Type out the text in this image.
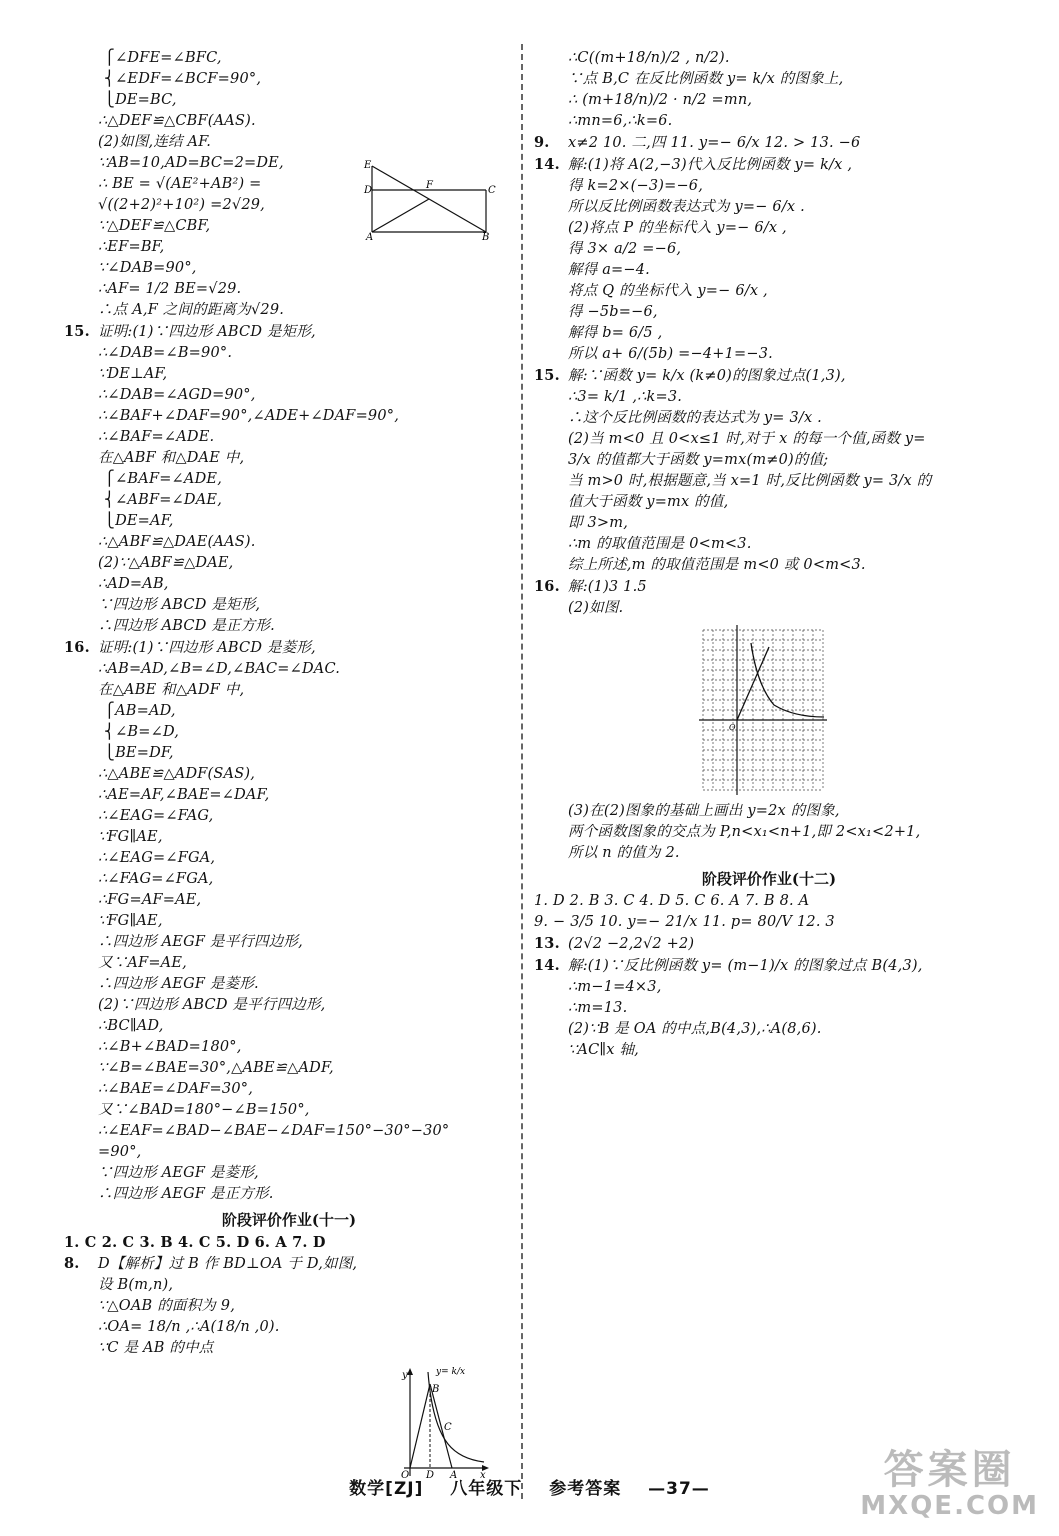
⎧∠DFE=∠BFC,
⎨∠EDF=∠BCF=90°,
⎩DE=BC,
∴△DEF≌△CBF(AAS).
(2)如图,连结 AF.
∵AB=10,AD=BC=2=DE,
∴ BE = √(AE²+AB²) =
√((2+2)²+10²) =2√29,
∵△DEF≌△CBF,
∴EF=BF,
∵∠DAB=90°,
∴AF= 1/2 BE=√29.
∴点 A,F 之间的距离为√29.
15. 证明:(1)∵四边形 ABCD 是矩形,
∴∠DAB=∠B=90°.
∵DE⊥AF,
∴∠DAB=∠AGD=90°,
∴∠BAF+∠DAF=90°,∠ADE+∠DAF=90°,
∴∠BAF=∠ADE.
在△ABF 和△DAE 中,
⎧∠BAF=∠ADE,
⎨∠ABF=∠DAE,
⎩DE=AF,
∴△ABF≌△DAE(AAS).
(2)∵△ABF≌△DAE,
∴AD=AB,
∵四边形 ABCD 是矩形,
∴四边形 ABCD 是正方形.
16. 证明:(1)∵四边形 ABCD 是菱形,
∴AB=AD,∠B=∠D,∠BAC=∠DAC.
在△ABE 和△ADF 中,
⎧AB=AD,
⎨∠B=∠D,
⎩BE=DF,
∴△ABE≌△ADF(SAS),
∴AE=AF,∠BAE=∠DAF,
∴∠EAG=∠FAG,
∵FG∥AE,
∴∠EAG=∠FGA,
∴∠FAG=∠FGA,
∴FG=AF=AE,
∵FG∥AE,
∴四边形 AEGF 是平行四边形,
又∵AF=AE,
∴四边形 AEGF 是菱形.
(2)∵四边形 ABCD 是平行四边形,
∴BC∥AD,
∴∠B+∠BAD=180°,
∵∠B=∠BAE=30°,△ABE≌△ADF,
∴∠BAE=∠DAF=30°,
又∵∠BAD=180°−∠B=150°,
∴∠EAF=∠BAD−∠BAE−∠DAF=150°−30°−30°
=90°,
∵四边形 AEGF 是菱形,
∴四边形 AEGF 是正方形.
E
D	F	C
A	B
阶段评价作业(十一)
1. C 2. C 3. B 4. C 5. D 6. A 7. D
8. D【解析】过 B 作 BD⊥OA 于 D,如图,
设 B(m,n),
∵△OAB 的面积为 9,
∴OA= 18/n ,∴A(18/n ,0).
∵C 是 AB 的中点
y
x
O D A
B
C
y= k/x
∴C((m+18/n)/2 , n/2).
∵点 B,C 在反比例函数 y= k/x 的图象上,
∴ (m+18/n)/2 · n/2 =mn,
∴mn=6,∴k=6.
9. x≠2 10. 二,四 11. y=− 6/x 12. > 13. −6
14. 解:(1)将 A(2,−3)代入反比例函数 y= k/x ,
得 k=2×(−3)=−6,
所以反比例函数表达式为 y=− 6/x .
(2)将点 P 的坐标代入 y=− 6/x ,
得 3× a/2 =−6,
解得 a=−4.
将点 Q 的坐标代入 y=− 6/x ,
得 −5b=−6,
解得 b= 6/5 ,
所以 a+ 6/(5b) =−4+1=−3.
15. 解:∵函数 y= k/x (k≠0)的图象过点(1,3),
∴3= k/1 ,∴k=3.
∴这个反比例函数的表达式为 y= 3/x .
(2)当 m<0 且 0<x≤1 时,对于 x 的每一个值,函数 y=
3/x 的值都大于函数 y=mx(m≠0)的值;
当 m>0 时,根据题意,当 x=1 时,反比例函数 y= 3/x 的
值大于函数 y=mx 的值,
即 3>m,
∴m 的取值范围是 0<m<3.
综上所述,m 的取值范围是 m<0 或 0<m<3.
16. 解:(1)3 1.5
(2)如图.
O
(3)在(2)图象的基础上画出 y=2x 的图象,
两个函数图象的交点为 P,n<x₁<n+1,即 2<x₁<2+1,
所以 n 的值为 2.
阶段评价作业(十二)
1. D 2. B 3. C 4. D 5. C 6. A 7. B 8. A
9. − 3/5 10. y=− 21/x 11. p= 80/V 12. 3
13. (2√2 −2,2√2 +2)
14. 解:(1)∵反比例函数 y= (m−1)/x 的图象过点 B(4,3),
∴m−1=4×3,
∴m=13.
(2)∵B 是 OA 的中点,B(4,3),∴A(8,6).
∵AC∥x 轴,
数学[ZJ] 八年级下 参考答案 —37—	答案圈
MXQE.COM
